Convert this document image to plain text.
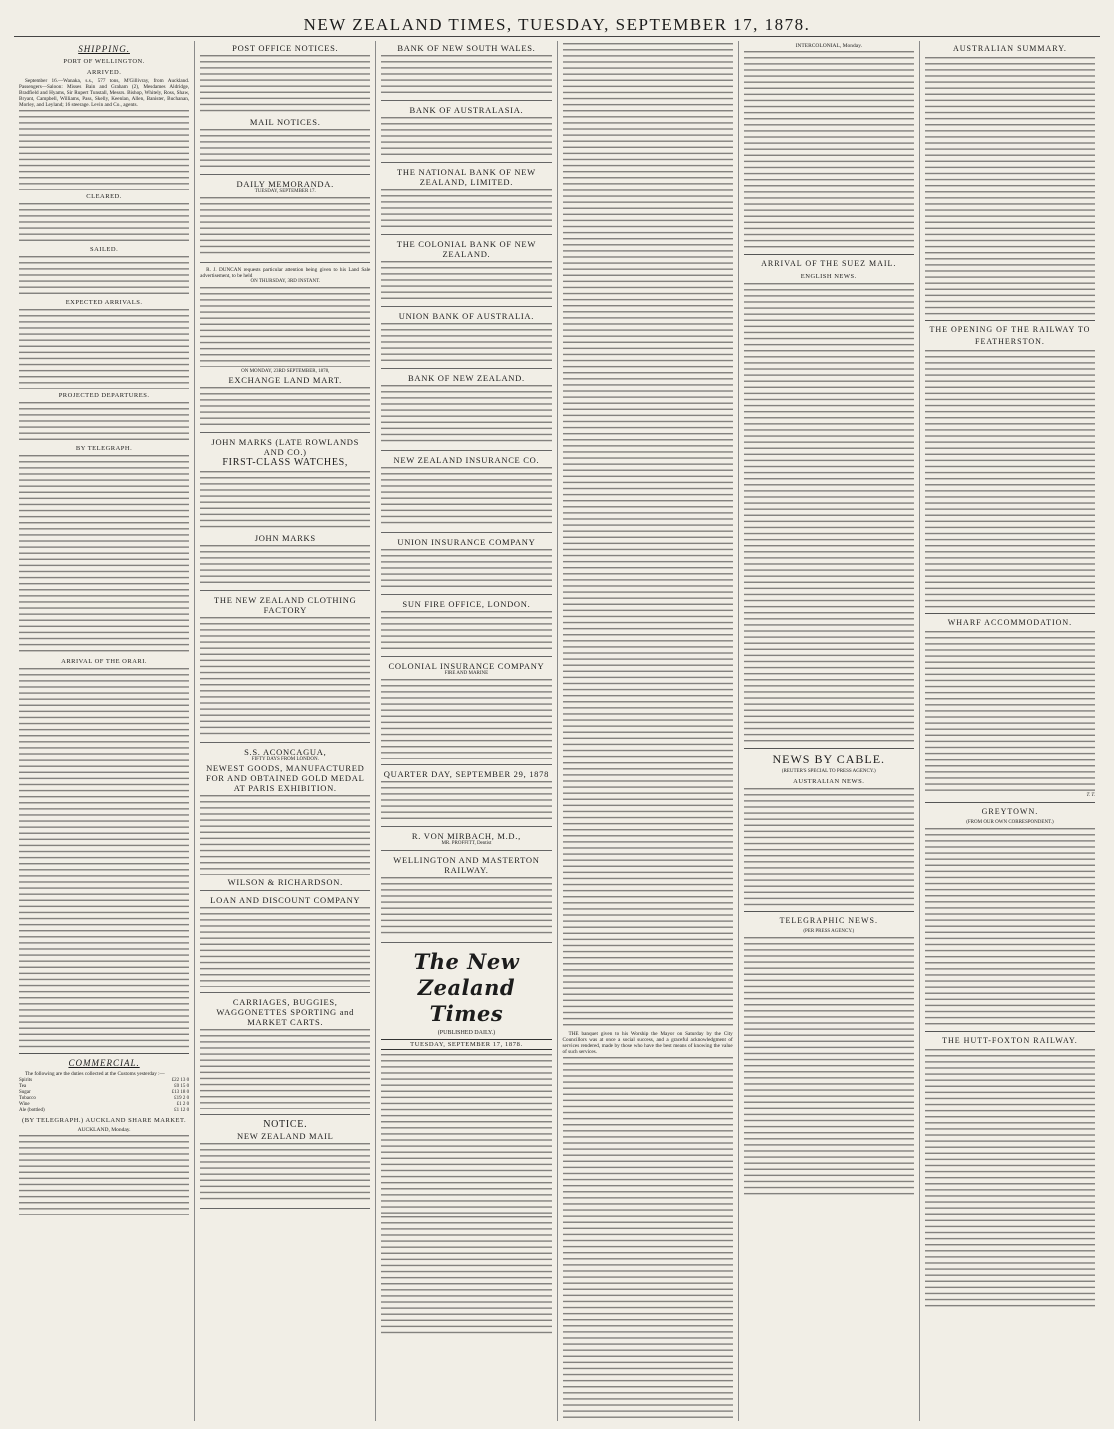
NEW ZEALAND TIMES, TUESDAY, SEPTEMBER 17, 1878.
SHIPPING.
PORT OF WELLINGTON.
ARRIVED.

September 16.—Wanaka, s.s., 577 tons, M'Gillivray, from Auckland. Passengers—Saloon: Misses Bain and Graham (2), Mesdames Aldridge, Bradfield and Hyams, Sir Rupert Tunstall, Messrs. Bishop, Whitely, Ross, Shaw, Bryant, Campbell, Williams, Pass, Skelly, Keenlan, Allen, Banister, Buchanan, Morley, and Leyland; 16 steerage. Levin and Co., agents.

CLEARED.
SAILED.
EXPECTED ARRIVALS.
PROJECTED DEPARTURES.
BY TELEGRAPH.
ARRIVAL OF THE ORARI.
COMMERCIAL.

The following are the duties collected at the Customs yesterday :—

Spirits	£22 13 0
Tea	£0 15 0
Sugar	£13 18 0
Tobacco	£19 2 0
Wine	£1 2 0
Ale (bottled)	£1 12 0
(BY TELEGRAPH.) AUCKLAND SHARE MARKET.
AUCKLAND, Monday.
POST OFFICE NOTICES.
MAIL NOTICES.
DAILY MEMORANDA.
TUESDAY, SEPTEMBER 17.

R. J. DUNCAN requests particular attention being given to his Land Sale advertisement, to be held

ON THURSDAY, 3RD INSTANT.
ON MONDAY, 23RD SEPTEMBER, 1878,
EXCHANGE LAND MART.
JOHN MARKS (LATE ROWLANDS AND CO.)
FIRST-CLASS WATCHES,
JOHN MARKS
THE NEW ZEALAND CLOTHING FACTORY
S.S. ACONCAGUA,
FIFTY DAYS FROM LONDON.
NEWEST GOODS, MANUFACTURED FOR AND OBTAINED GOLD MEDAL AT PARIS EXHIBITION.
WILSON & RICHARDSON.
LOAN AND DISCOUNT COMPANY
CARRIAGES, BUGGIES, WAGGONETTES SPORTING and MARKET CARTS.
NOTICE.
NEW ZEALAND MAIL
BANK OF NEW SOUTH WALES.
BANK OF AUSTRALASIA.
THE NATIONAL BANK OF NEW ZEALAND, LIMITED.
THE COLONIAL BANK OF NEW ZEALAND.
UNION BANK OF AUSTRALIA.
BANK OF NEW ZEALAND.
NEW ZEALAND INSURANCE CO.
UNION INSURANCE COMPANY
SUN FIRE OFFICE, LONDON.
COLONIAL INSURANCE COMPANY
FIRE AND MARINE
QUARTER DAY, SEPTEMBER 29, 1878
R. VON MIRBACH, M.D.,
MR. PROFFITT, Dentist
WELLINGTON AND MASTERTON RAILWAY.
The New Zealand Times
(PUBLISHED DAILY.)
TUESDAY, SEPTEMBER 17, 1878.

THE banquet given to his Worship the Mayor on Saturday by the City Councillors was at once a social success, and a graceful acknowledgment of services rendered, made by those who have the best means of knowing the value of such services.

INTERCOLONIAL, Monday.
ARRIVAL OF THE SUEZ MAIL.
ENGLISH NEWS.
NEWS BY CABLE.
(REUTER'S SPECIAL TO PRESS AGENCY.)
AUSTRALIAN NEWS.
TELEGRAPHIC NEWS.
(PER PRESS AGENCY.)
AUSTRALIAN SUMMARY.
THE OPENING OF THE RAILWAY TO FEATHERSTON.
WHARF ACCOMMODATION.
T. T.
GREYTOWN.
(FROM OUR OWN CORRESPONDENT.)
THE HUTT-FOXTON RAILWAY.
